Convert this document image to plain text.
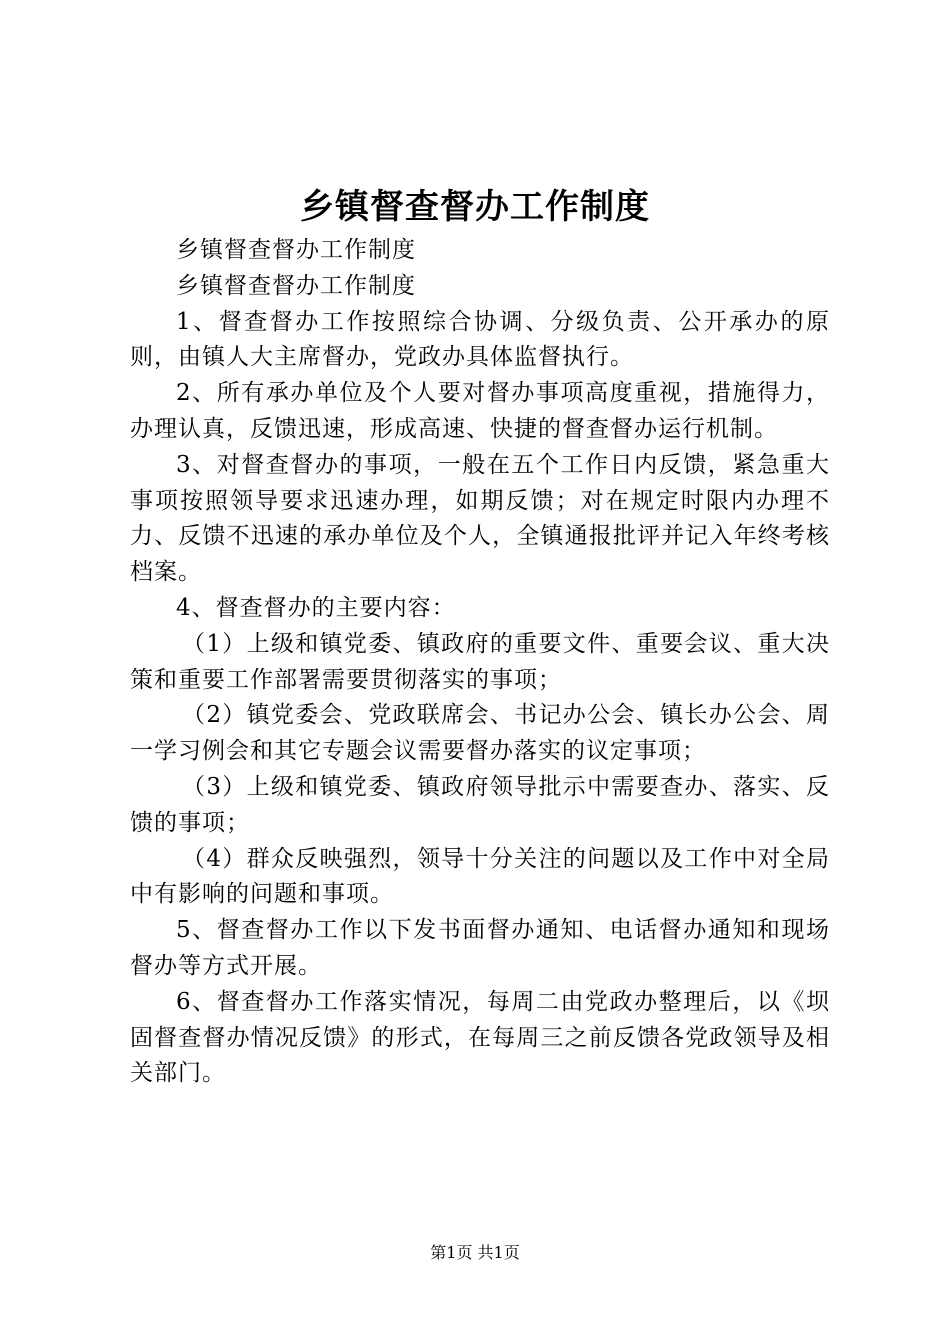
乡镇督查督办工作制度

乡镇督查督办工作制度

乡镇督查督办工作制度

1、督查督办工作按照综合协调、分级负责、公开承办的原则，由镇人大主席督办，党政办具体监督执行。

2、所有承办单位及个人要对督办事项高度重视，措施得力，办理认真，反馈迅速，形成高速、快捷的督查督办运行机制。

3、对督查督办的事项，一般在五个工作日内反馈，紧急重大事项按照领导要求迅速办理，如期反馈；对在规定时限内办理不力、反馈不迅速的承办单位及个人，全镇通报批评并记入年终考核档案。

4、督查督办的主要内容：

（1）上级和镇党委、镇政府的重要文件、重要会议、重大决策和重要工作部署需要贯彻落实的事项；

（2）镇党委会、党政联席会、书记办公会、镇长办公会、周一学习例会和其它专题会议需要督办落实的议定事项；

（3）上级和镇党委、镇政府领导批示中需要查办、落实、反馈的事项；

（4）群众反映强烈，领导十分关注的问题以及工作中对全局中有影响的问题和事项。

5、督查督办工作以下发书面督办通知、电话督办通知和现场督办等方式开展。

6、督查督办工作落实情况，每周二由党政办整理后，以《坝固督查督办情况反馈》的形式，在每周三之前反馈各党政领导及相关部门。

第1页 共1页
